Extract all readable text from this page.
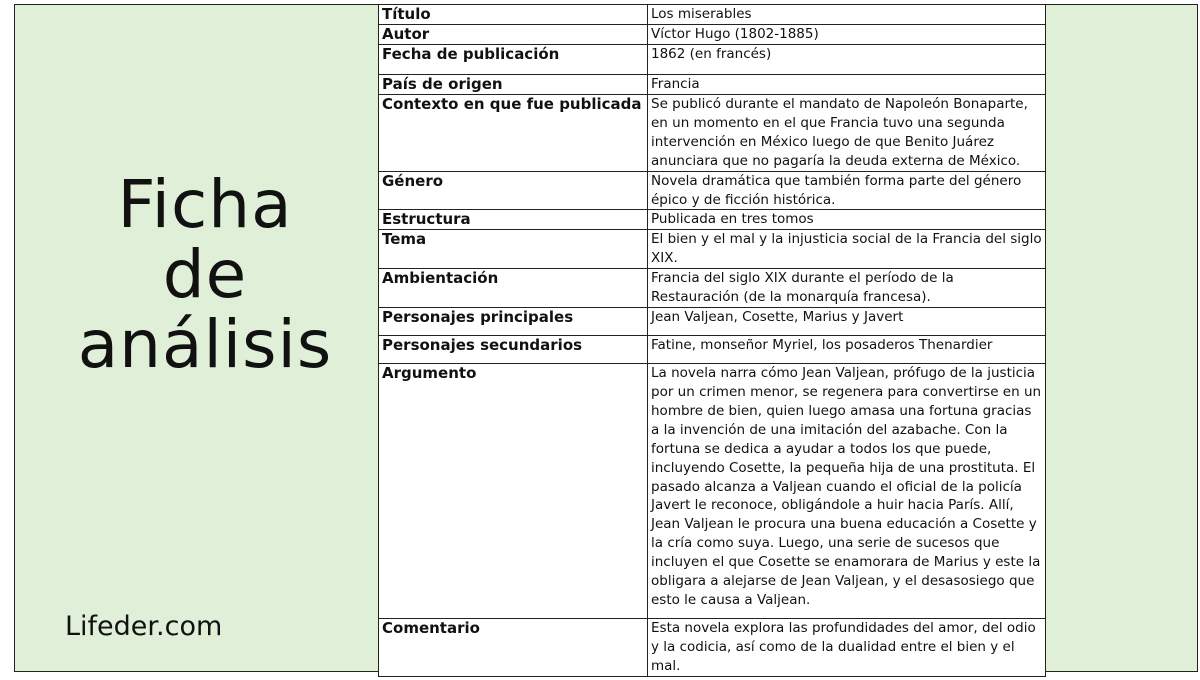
Ficha
de
análisis
Lifeder.com
Título	Los miserables
Autor	Víctor Hugo (1802-1885)
Fecha de publicación	1862 (en francés)
País de origen	Francia
Contexto en que fue publicada	Se publicó durante el mandato de Napoleón Bonaparte, en un momento en el que Francia tuvo una segunda intervención en México luego de que Benito Juárez anunciara que no pagaría la deuda externa de México.
Género	Novela dramática que también forma parte del género épico y de ficción histórica.
Estructura	Publicada en tres tomos
Tema	El bien y el mal y la injusticia social de la Francia del siglo XIX.
Ambientación	Francia del siglo XIX durante el período de la Restauración (de la monarquía francesa).
Personajes principales	Jean Valjean, Cosette, Marius y Javert
Personajes secundarios	Fatine, monseñor Myriel, los posaderos Thenardier
Argumento	La novela narra cómo Jean Valjean, prófugo de la justicia por un crimen menor, se regenera para convertirse en un hombre de bien, quien luego amasa una fortuna gracias a la invención de una imitación del azabache. Con la fortuna se dedica a ayudar a todos los que puede, incluyendo Cosette, la pequeña hija de una prostituta. El pasado alcanza a Valjean cuando el oficial de la policía Javert le reconoce, obligándole a huir hacia París. Allí, Jean Valjean le procura una buena educación a Cosette y la cría como suya. Luego, una serie de sucesos que incluyen el que Cosette se enamorara de Marius y este la obligara a alejarse de Jean Valjean, y el desasosiego que esto le causa a Valjean.
Comentario	Esta novela explora las profundidades del amor, del odio y la codicia, así como de la dualidad entre el bien y el mal.
